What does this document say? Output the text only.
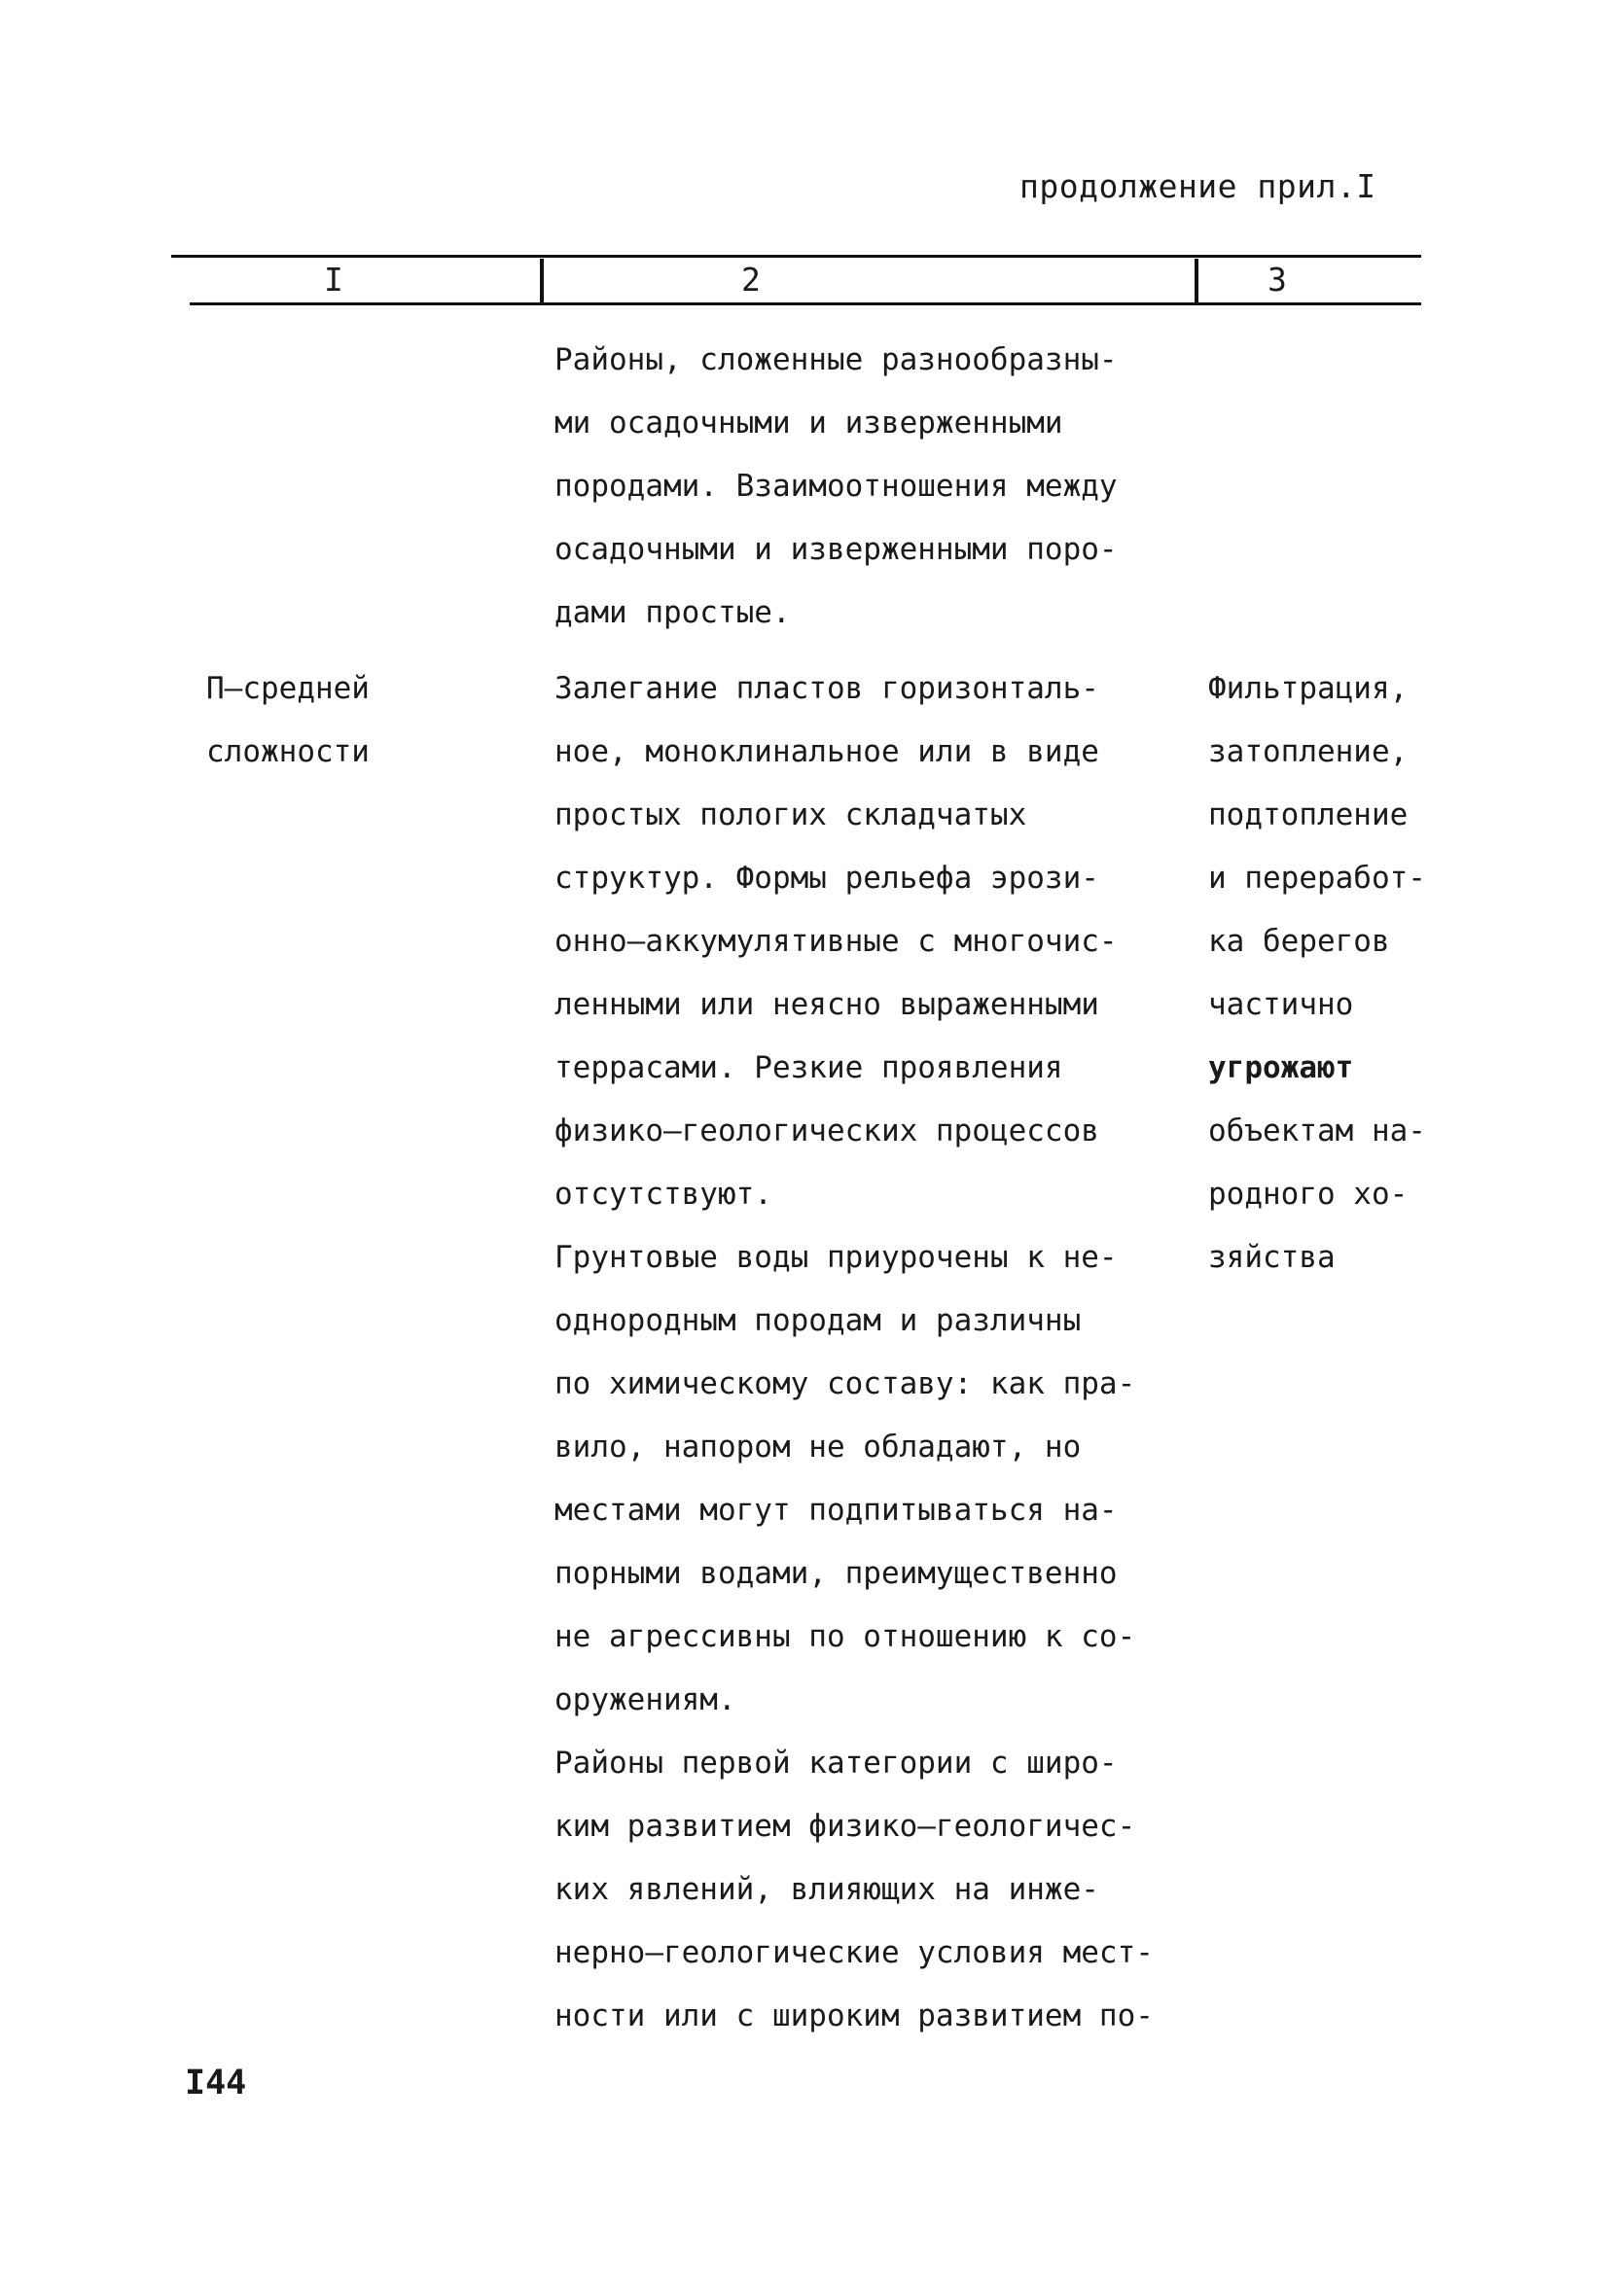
продолжение прил.I
I	2	3
Районы, сложенные разнообразны-
ми осадочными и изверженными
породами. Взаимоотношения между
осадочными и изверженными поро-
дами простые.
П–средней
сложности
Залегание пластов горизонталь-
ное, моноклинальное или в виде
простых пологих складчатых
структур. Формы рельефа эрози-
онно–аккумулятивные с многочис-
ленными или неясно выраженными
террасами. Резкие проявления
физико–геологических процессов
отсутствуют.
Грунтовые воды приурочены к не-
однородным породам и различны
по химическому составу: как пра-
вило, напором не обладают, но
местами могут подпитываться на-
порными водами, преимущественно
не агрессивны по отношению к со-
оружениям.
Районы первой категории с широ-
ким развитием физико–геологичес-
ких явлений, влияющих на инже-
нерно–геологические условия мест-
ности или с широким развитием по-
Фильтрация,
затопление,
подтопление
и переработ-
ка берегов
частично
угрожают
объектам на-
родного хо-
зяйства
I44
